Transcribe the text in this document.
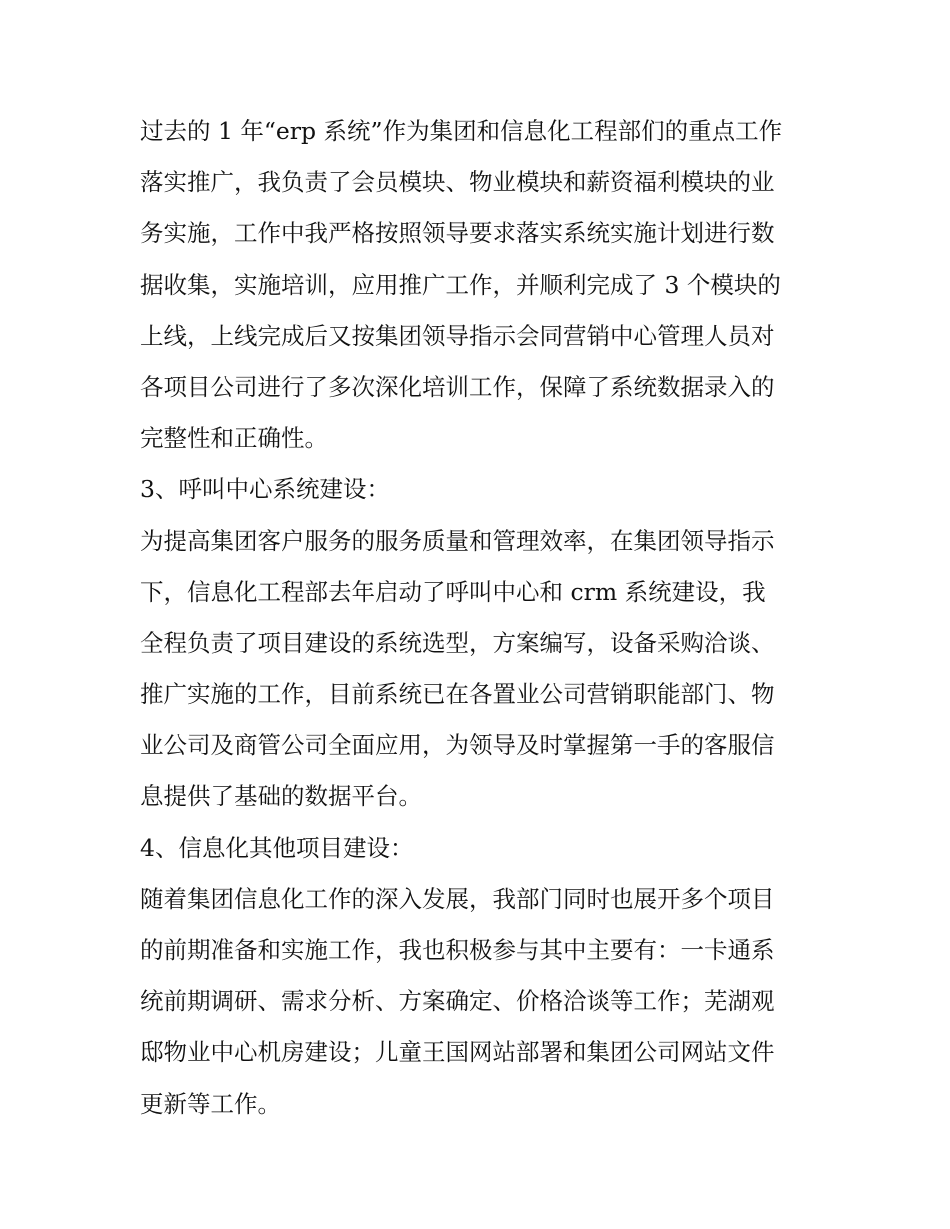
过去的 1 年“erp 系统”作为集团和信息化工程部们的重点工作
落实推广，我负责了会员模块、物业模块和薪资福利模块的业
务实施，工作中我严格按照领导要求落实系统实施计划进行数
据收集，实施培训，应用推广工作，并顺利完成了 3 个模块的
上线，上线完成后又按集团领导指示会同营销中心管理人员对
各项目公司进行了多次深化培训工作，保障了系统数据录入的
完整性和正确性。
3、呼叫中心系统建设：
为提高集团客户服务的服务质量和管理效率，在集团领导指示
下，信息化工程部去年启动了呼叫中心和 crm 系统建设，我
全程负责了项目建设的系统选型，方案编写，设备采购洽谈、
推广实施的工作，目前系统已在各置业公司营销职能部门、物
业公司及商管公司全面应用，为领导及时掌握第一手的客服信
息提供了基础的数据平台。
4、信息化其他项目建设：
随着集团信息化工作的深入发展，我部门同时也展开多个项目
的前期准备和实施工作，我也积极参与其中主要有：一卡通系
统前期调研、需求分析、方案确定、价格洽谈等工作；芜湖观
邸物业中心机房建设；儿童王国网站部署和集团公司网站文件
更新等工作。
